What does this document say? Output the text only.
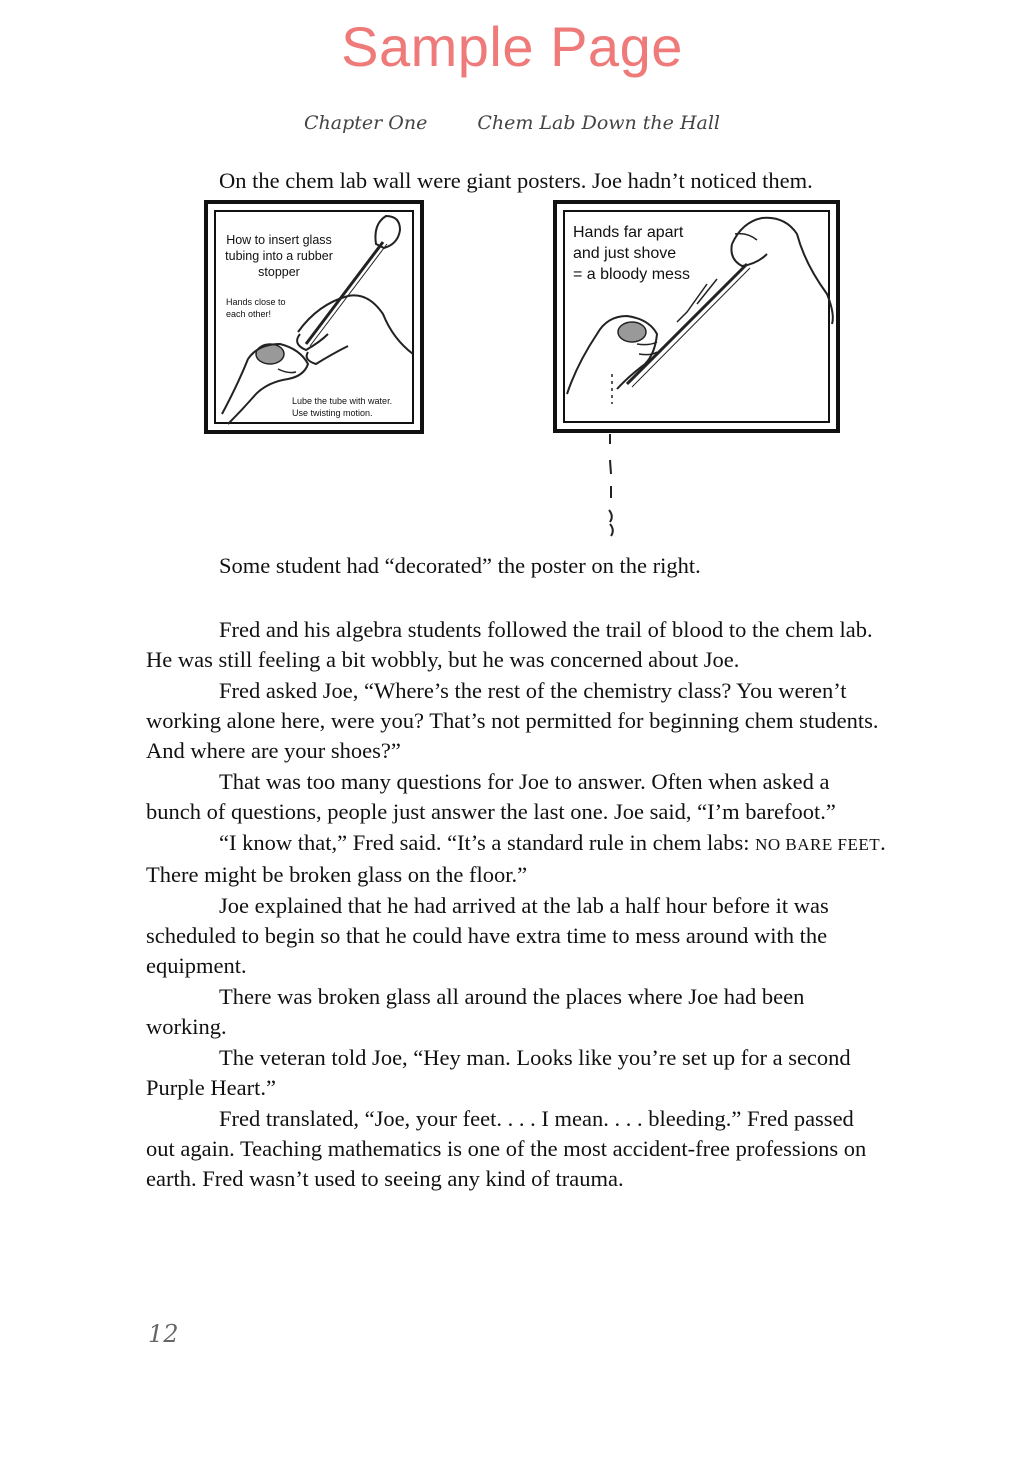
Sample Page
Chapter One	Chem Lab Down the Hall
On the chem lab wall were giant posters. Joe hadn’t noticed them.
How to insert glass tubing into a rubber stopper
Hands close to each other!
Lube the tube with water.
Use twisting motion.
Hands far apart
and just shove
= a bloody mess
Some student had “decorated” the poster on the right.

Fred and his algebra students followed the trail of blood to the chem lab. He was still feeling a bit wobbly, but he was concerned about Joe.

Fred asked Joe, “Where’s the rest of the chemistry class? You weren’t working alone here, were you? That’s not permitted for beginning chem students. And where are your shoes?”

That was too many questions for Joe to answer. Often when asked a bunch of questions, people just answer the last one. Joe said, “I’m barefoot.”

“I know that,” Fred said. “It’s a standard rule in chem labs: NO BARE FEET. There might be broken glass on the floor.”

Joe explained that he had arrived at the lab a half hour before it was scheduled to begin so that he could have extra time to mess around with the equipment.

There was broken glass all around the places where Joe had been working.

The veteran told Joe, “Hey man. Looks like you’re set up for a second Purple Heart.”

Fred translated, “Joe, your feet. . . . I mean. . . . bleeding.” Fred passed out again. Teaching mathematics is one of the most accident-free professions on earth. Fred wasn’t used to seeing any kind of trauma.

12
